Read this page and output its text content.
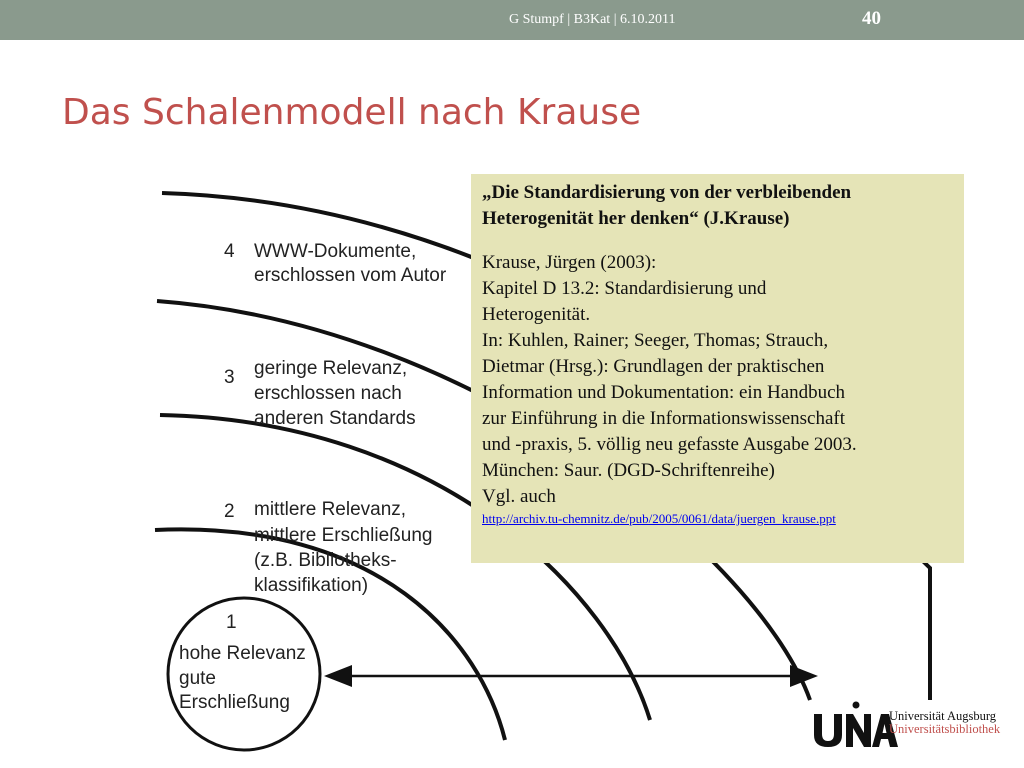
G Stumpf | B3Kat | 6.10.2011	40
Das Schalenmodell nach Krause
4 WWW-Dokumente,
erschlossen vom Autor
3 geringe Relevanz,
erschlossen nach
anderen Standards
2 mittlere Relevanz,
mittlere Erschließung
(z.B. Bibliotheks-
klassifikation)
1
hohe Relevanz
gute
Erschließung

„Die Standardisierung von der verbleibenden Heterogenität her denken“ (J.Krause)

Krause, Jürgen (2003):

Kapitel D 13.2: Standardisierung und

Heterogenität.

In: Kuhlen, Rainer; Seeger, Thomas; Strauch,

Dietmar (Hrsg.): Grundlagen der praktischen

Information und Dokumentation: ein Handbuch

zur Einführung in die Informationswissenschaft

und -praxis, 5. völlig neu gefasste Ausgabe 2003.

München: Saur. (DGD-Schriftenreihe)

Vgl. auch

http://archiv.tu-chemnitz.de/pub/2005/0061/data/juergen_krause.ppt
Universität Augsburg
Universitätsbibliothek
